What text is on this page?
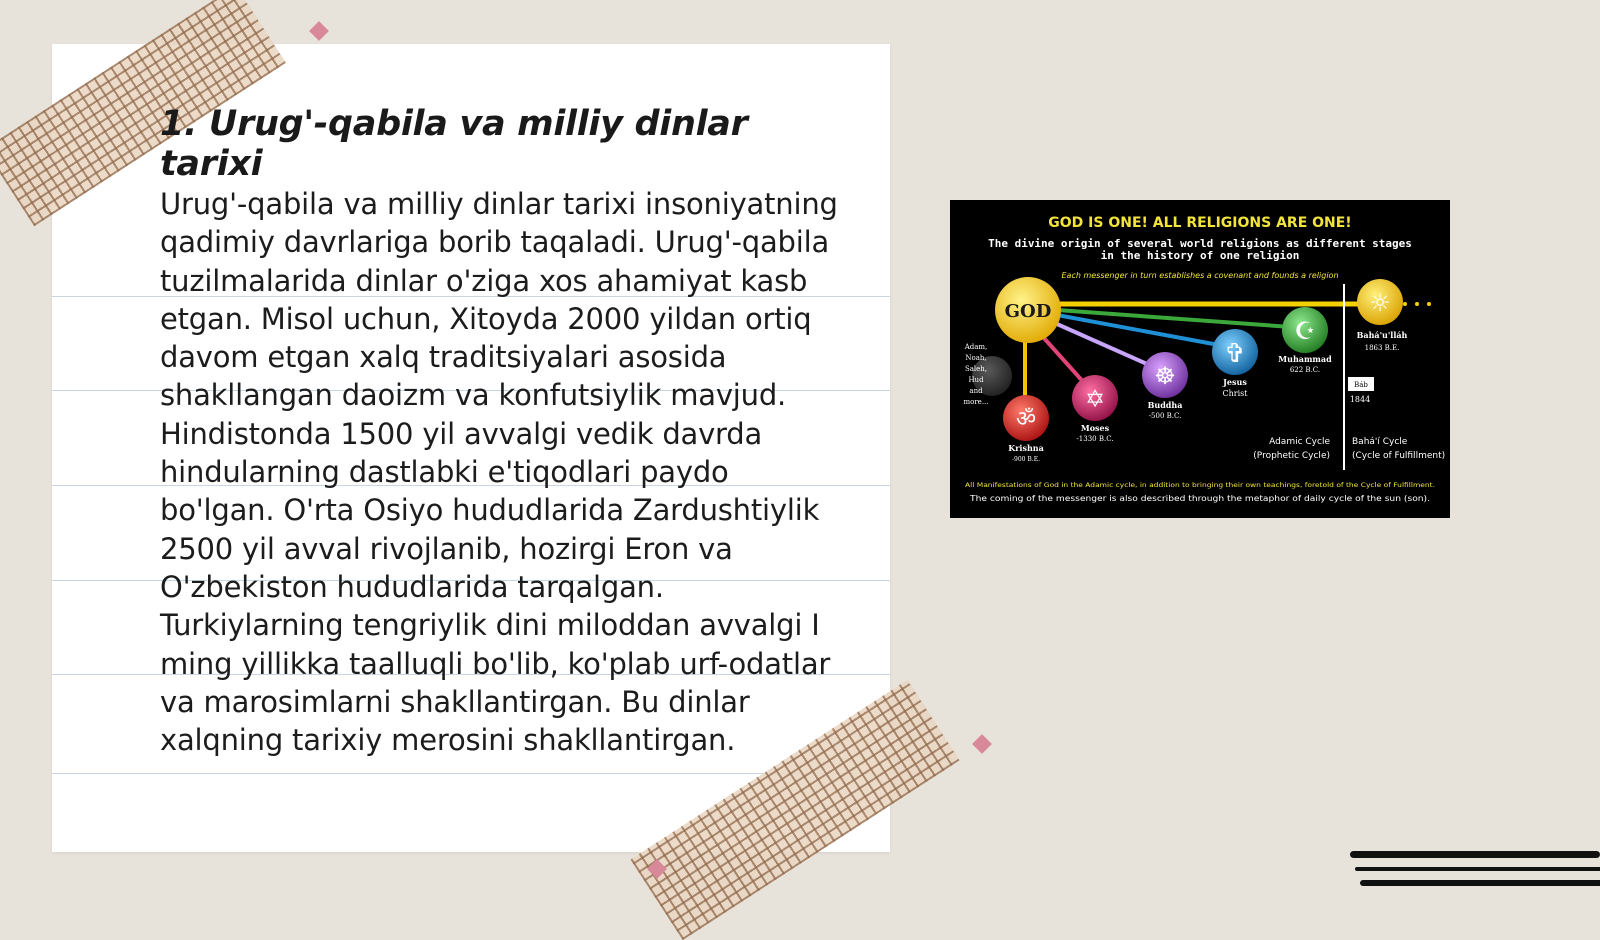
1. Urug'-qabila va milliy dinlar tarixi

Urug'-qabila va milliy dinlar tarixi insoniyatning qadimiy davrlariga borib taqaladi. Urug'-qabila tuzilmalarida dinlar o'ziga xos ahamiyat kasb etgan. Misol uchun, Xitoyda 2000 yildan ortiq davom etgan xalq traditsiyalari asosida shakllangan daoizm va konfutsiylik mavjud. Hindistonda 1500 yil avvalgi vedik davrda hindularning dastlabki e'tiqodlari paydo bo'lgan. O'rta Osiyo hududlarida Zardushtiylik 2500 yil avval rivojlanib, hozirgi Eron va O'zbekiston hududlarida tarqalgan. Turkiylarning tengriylik dini miloddan avvalgi I ming yillikka taalluqli bo'lib, ko'plab urf-odatlar va marosimlarni shakllantirgan. Bu dinlar xalqning tarixiy merosini shakllantirgan.

GOD IS ONE! ALL RELIGIONS ARE ONE!
The divine origin of several world religions as different stages
in the history of one religion
Each messenger in turn establishes a covenant and founds a religion
GOD
Adam,
Noah,
Saleh,
Hud
and
more...
ॐ
Krishna
-900 B.E.
✡
Moses
-1330 B.C.
☸
Buddha
-500 B.C.
✞
Jesus
Christ
☪
Muhammad
622 B.C.
☼
Bahá'u'lláh
1863 B.E.
Báb
1844
Adamic Cycle
(Prophetic Cycle)
Bahá'í Cycle
(Cycle of Fulfillment)
All Manifestations of God in the Adamic cycle, in addition to bringing their own teachings, foretold of the Cycle of Fulfillment.
The coming of the messenger is also described through the metaphor of daily cycle of the sun (son).
